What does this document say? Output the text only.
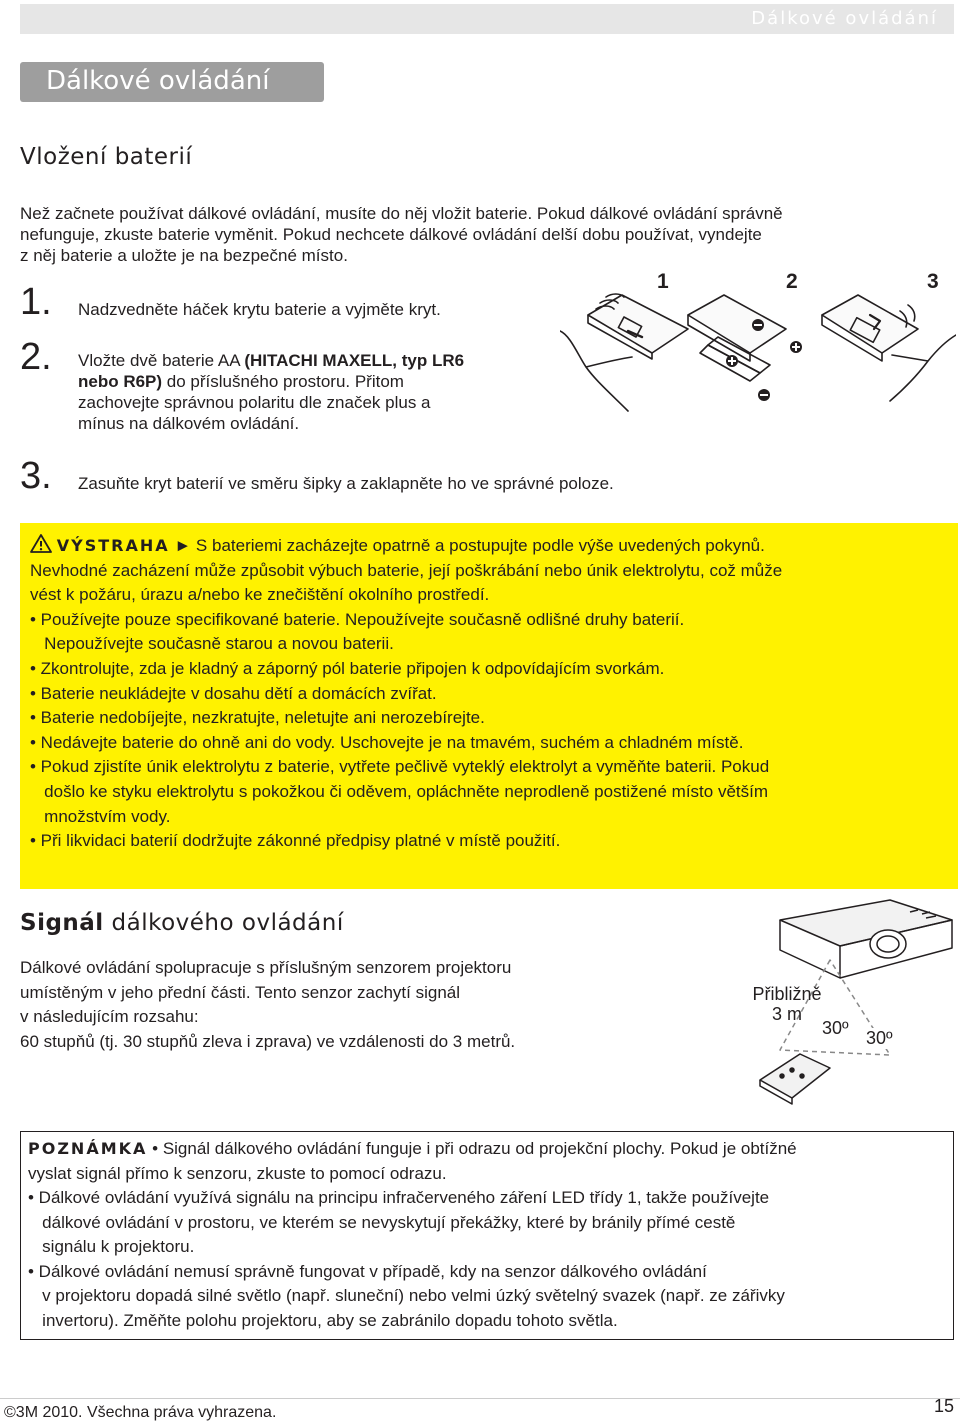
Dálkové ovládání
Dálkové ovládání
Vložení baterií
Než začnete používat dálkové ovládání, musíte do něj vložit baterie. Pokud dálkové ovládání správně
nefunguje, zkuste baterie vyměnit. Pokud nechcete dálkové ovládání delší dobu používat, vyndejte
z něj baterie a uložte je na bezpečné místo.
1. Nadzvedněte háček krytu baterie a vyjměte kryt.
2. Vložte dvě baterie AA (HITACHI MAXELL, typ LR6
nebo R6P) do příslušného prostoru. Přitom
zachovejte správnou polaritu dle značek plus a
mínus na dálkovém ovládání.
3. Zasuňte kryt baterií ve směru šipky a zaklapněte ho ve správné poloze.
1	2	3
VÝSTRAHA ► S bateriemi zacházejte opatrně a postupujte podle výše uvedených pokynů.
Nevhodné zacházení může způsobit výbuch baterie, její poškrábání nebo únik elektrolytu, což může
vést k požáru, úrazu a/nebo ke znečištění okolního prostředí.
• Používejte pouze specifikované baterie. Nepoužívejte současně odlišné druhy baterií.
Nepoužívejte současně starou a novou baterii.
• Zkontrolujte, zda je kladný a záporný pól baterie připojen k odpovídajícím svorkám.
• Baterie neukládejte v dosahu dětí a domácích zvířat.
• Baterie nedobíjejte, nezkratujte, neletujte ani nerozebírejte.
• Nedávejte baterie do ohně ani do vody. Uschovejte je na tmavém, suchém a chladném místě.
• Pokud zjistíte únik elektrolytu z baterie, vytřete pečlivě vyteklý elektrolyt a vyměňte baterii. Pokud
došlo ke styku elektrolytu s pokožkou či oděvem, opláchněte neprodleně postižené místo větším
množstvím vody.
• Při likvidaci baterií dodržujte zákonné předpisy platné v místě použití.
Signál dálkového ovládání
Dálkové ovládání spolupracuje s příslušným senzorem projektoru
umístěným v jeho přední části. Tento senzor zachytí signál
v následujícím rozsahu:
60 stupňů (tj. 30 stupňů zleva i zprava) ve vzdálenosti do 3 metrů.
Přibližně
3 m
30º 30º
POZNÁMKA • Signál dálkového ovládání funguje i při odrazu od projekční plochy. Pokud je obtížné
vyslat signál přímo k senzoru, zkuste to pomocí odrazu.
• Dálkové ovládání využívá signálu na principu infračerveného záření LED třídy 1, takže používejte
dálkové ovládání v prostoru, ve kterém se nevyskytují překážky, které by bránily přímé cestě
signálu k projektoru.
• Dálkové ovládání nemusí správně fungovat v případě, kdy na senzor dálkového ovládání
v projektoru dopadá silné světlo (např. sluneční) nebo velmi úzký světelný svazek (např. ze zářivky
invertoru). Změňte polohu projektoru, aby se zabránilo dopadu tohoto světla.
©3M 2010. Všechna práva vyhrazena.	15
